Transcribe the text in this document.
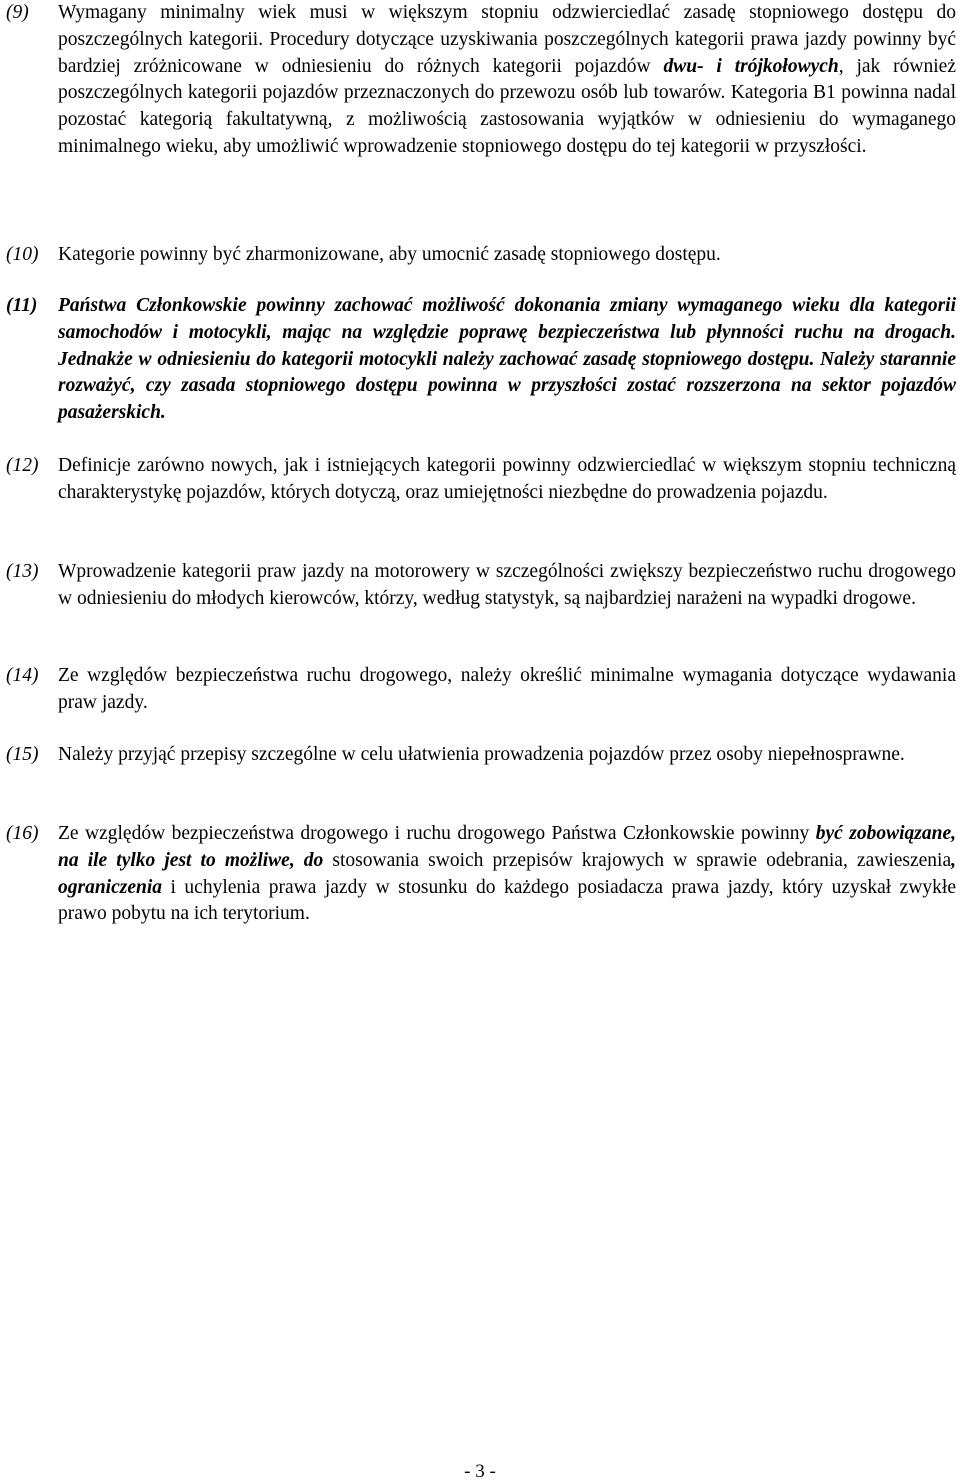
(9)	Wymagany minimalny wiek musi w większym stopniu odzwierciedlać zasadę stopniowego dostępu do poszczególnych kategorii. Procedury dotyczące uzyskiwania poszczególnych kategorii prawa jazdy powinny być bardziej zróżnicowane w odniesieniu do różnych kategorii pojazdów dwu- i trójkołowych, jak również poszczególnych kategorii pojazdów przeznaczonych do przewozu osób lub towarów. Kategoria B1 powinna nadal pozostać kategorią fakultatywną, z możliwością zastosowania wyjątków w odniesieniu do wymaganego minimalnego wieku, aby umożliwić wprowadzenie stopniowego dostępu do tej kategorii w przyszłości.
(10)	Kategorie powinny być zharmonizowane, aby umocnić zasadę stopniowego dostępu.
(11)	Państwa Członkowskie powinny zachować możliwość dokonania zmiany wymaganego wieku dla kategorii samochodów i motocykli, mając na względzie poprawę bezpieczeństwa lub płynności ruchu na drogach. Jednakże w odniesieniu do kategorii motocykli należy zachować zasadę stopniowego dostępu. Należy starannie rozważyć, czy zasada stopniowego dostępu powinna w przyszłości zostać rozszerzona na sektor pojazdów pasażerskich.
(12)	Definicje zarówno nowych, jak i istniejących kategorii powinny odzwierciedlać w większym stopniu techniczną charakterystykę pojazdów, których dotyczą, oraz umiejętności niezbędne do prowadzenia pojazdu.
(13)	Wprowadzenie kategorii praw jazdy na motorowery w szczególności zwiększy bezpieczeństwo ruchu drogowego w odniesieniu do młodych kierowców, którzy, według statystyk, są najbardziej narażeni na wypadki drogowe.
(14)	Ze względów bezpieczeństwa ruchu drogowego, należy określić minimalne wymagania dotyczące wydawania praw jazdy.
(15)	Należy przyjąć przepisy szczególne w celu ułatwienia prowadzenia pojazdów przez osoby niepełnosprawne.
(16)	Ze względów bezpieczeństwa drogowego i ruchu drogowego Państwa Członkowskie powinny być zobowiązane, na ile tylko jest to możliwe, do stosowania swoich przepisów krajowych w sprawie odebrania, zawieszenia, ograniczenia i uchylenia prawa jazdy w stosunku do każdego posiadacza prawa jazdy, który uzyskał zwykłe prawo pobytu na ich terytorium.
- 3 -
